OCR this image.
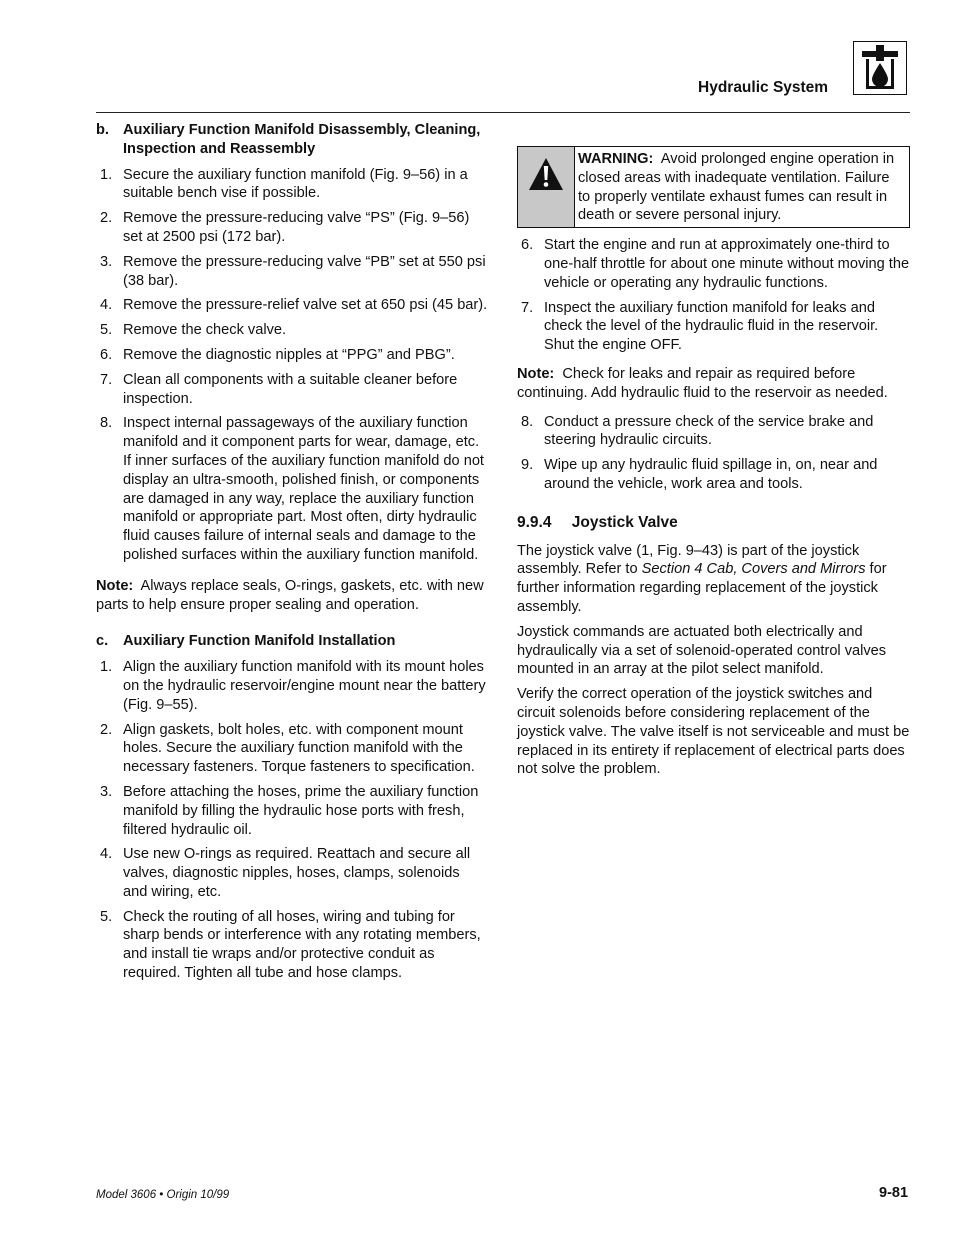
Hydraulic System
b. Auxiliary Function Manifold Disassembly, Cleaning, Inspection and Reassembly
1. Secure the auxiliary function manifold (Fig. 9–56) in a suitable bench vise if possible.
2. Remove the pressure-reducing valve “PS” (Fig. 9–56) set at 2500 psi (172 bar).
3. Remove the pressure-reducing valve “PB” set at 550 psi (38 bar).
4. Remove the pressure-relief valve set at 650 psi (45 bar).
5. Remove the check valve.
6. Remove the diagnostic nipples at “PPG” and PBG”.
7. Clean all components with a suitable cleaner before inspection.
8. Inspect internal passageways of the auxiliary function manifold and it component parts for wear, damage, etc. If inner surfaces of the auxiliary function manifold do not display an ultra-smooth, polished finish, or components are damaged in any way, replace the auxiliary function manifold or appropriate part. Most often, dirty hydraulic fluid causes failure of internal seals and damage to the polished surfaces within the auxiliary function manifold.
Note: Always replace seals, O-rings, gaskets, etc. with new parts to help ensure proper sealing and operation.
c.	Auxiliary Function Manifold Installation
1. Align the auxiliary function manifold with its mount holes on the hydraulic reservoir/engine mount near the battery (Fig. 9–55).
2. Align gaskets, bolt holes, etc. with component mount holes. Secure the auxiliary function manifold with the necessary fasteners. Torque fasteners to specification.
3. Before attaching the hoses, prime the auxiliary function manifold by filling the hydraulic hose ports with fresh, filtered hydraulic oil.
4. Use new O-rings as required. Reattach and secure all valves, diagnostic nipples, hoses, clamps, solenoids and wiring, etc.
5. Check the routing of all hoses, wiring and tubing for sharp bends or interference with any rotating members, and install tie wraps and/or protective conduit as required. Tighten all tube and hose clamps.
WARNING: Avoid prolonged engine operation in closed areas with inadequate ventilation. Failure to properly ventilate exhaust fumes can result in death or severe personal injury.
6. Start the engine and run at approximately one-third to one-half throttle for about one minute without moving the vehicle or operating any hydraulic functions.
7. Inspect the auxiliary function manifold for leaks and check the level of the hydraulic fluid in the reservoir. Shut the engine OFF.
Note: Check for leaks and repair as required before continuing. Add hydraulic fluid to the reservoir as needed.
8. Conduct a pressure check of the service brake and steering hydraulic circuits.
9. Wipe up any hydraulic fluid spillage in, on, near and around the vehicle, work area and tools.
9.9.4 Joystick Valve

The joystick valve (1, Fig. 9–43) is part of the joystick assembly. Refer to Section 4 Cab, Covers and Mirrors for further information regarding replacement of the joystick assembly.

Joystick commands are actuated both electrically and hydraulically via a set of solenoid-operated control valves mounted in an array at the pilot select manifold.

Verify the correct operation of the joystick switches and circuit solenoids before considering replacement of the joystick valve. The valve itself is not serviceable and must be replaced in its entirety if replacement of electrical parts does not solve the problem.

Model 3606 • Origin 10/99	9-81
